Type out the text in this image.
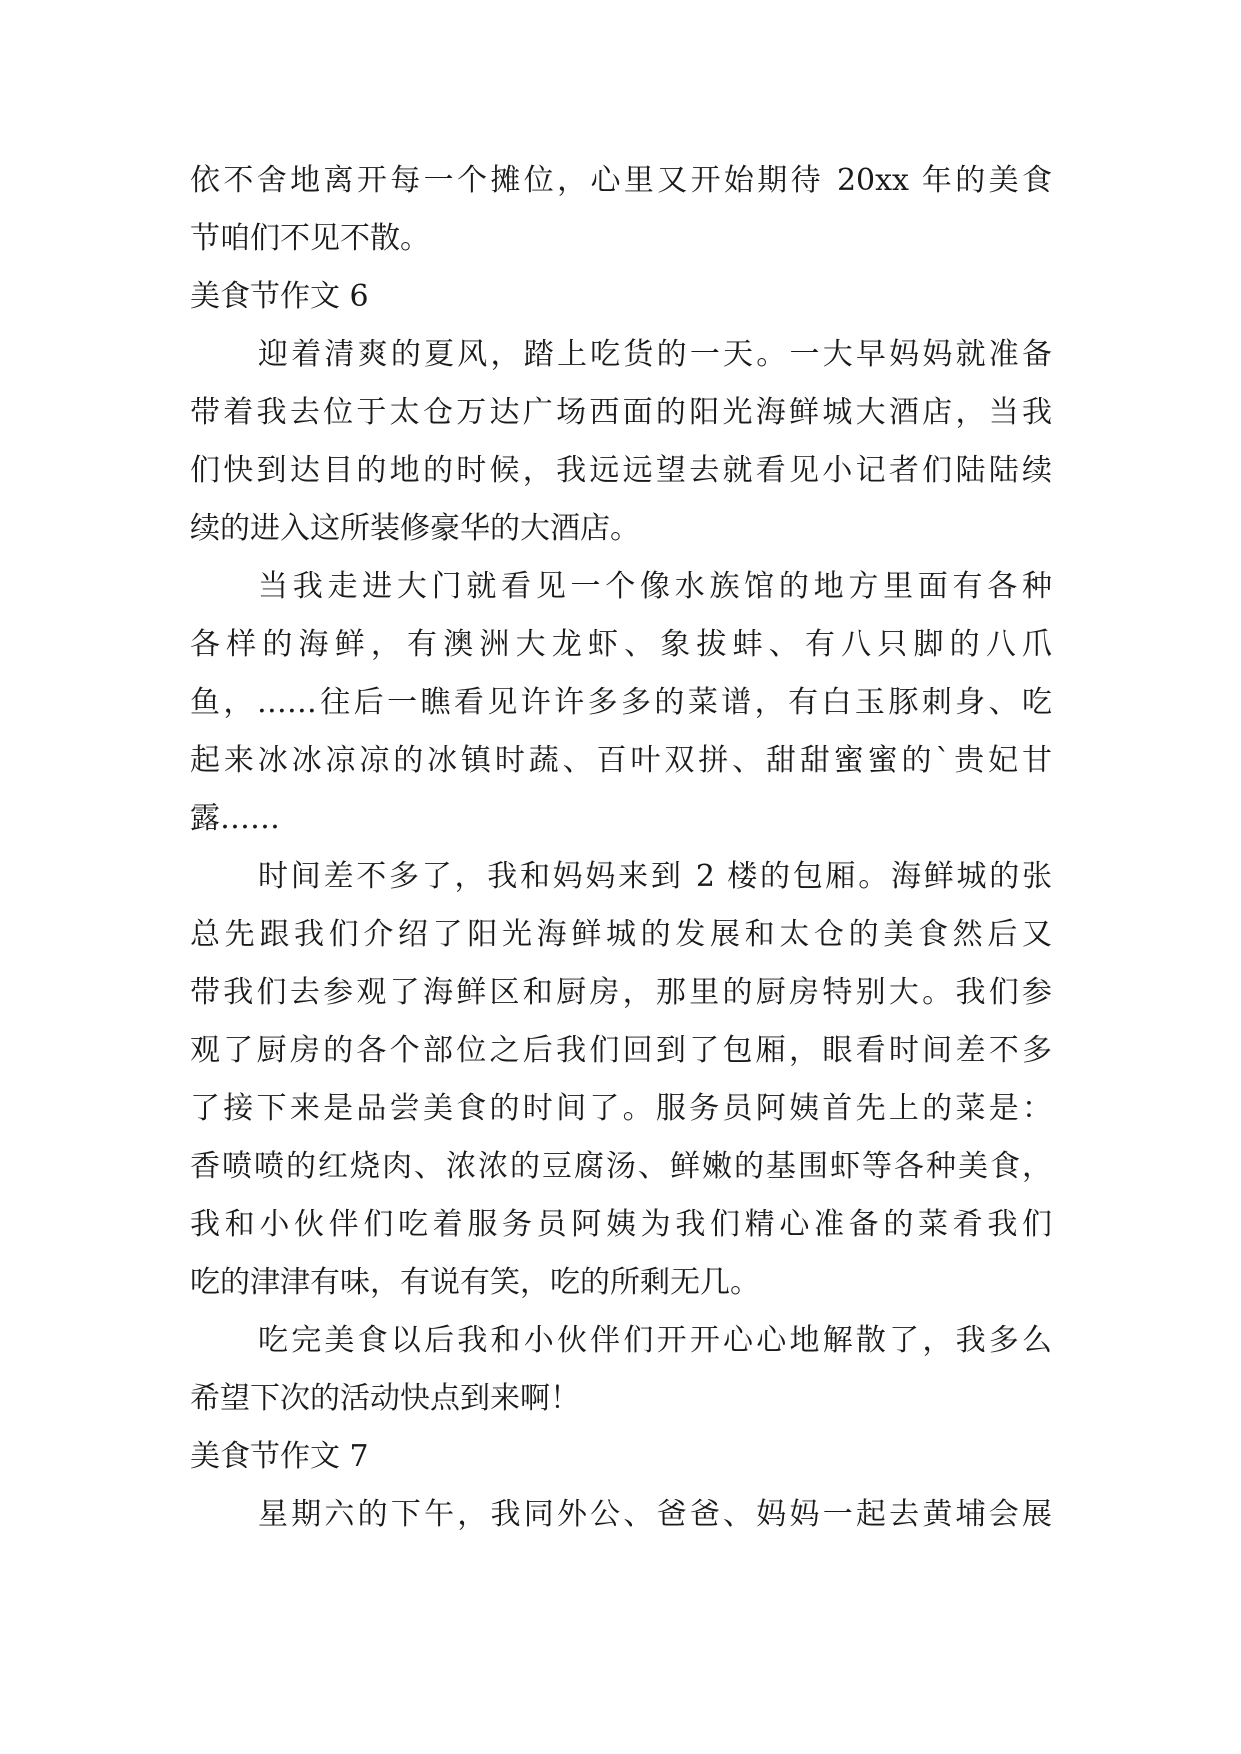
依不舍地离开每一个摊位，心里又开始期待 20xx 年的美食
节咱们不见不散。
美食节作文 6
迎着清爽的夏风，踏上吃货的一天。一大早妈妈就准备
带着我去位于太仓万达广场西面的阳光海鲜城大酒店，当我
们快到达目的地的时候，我远远望去就看见小记者们陆陆续
续的进入这所装修豪华的大酒店。
当我走进大门就看见一个像水族馆的地方里面有各种
各样的海鲜，有澳洲大龙虾、象拔蚌、有八只脚的八爪
鱼，……往后一瞧看见许许多多的菜谱，有白玉豚刺身、吃
起来冰冰凉凉的冰镇时蔬、百叶双拼、甜甜蜜蜜的`贵妃甘
露……
时间差不多了，我和妈妈来到 2 楼的包厢。海鲜城的张
总先跟我们介绍了阳光海鲜城的发展和太仓的美食然后又
带我们去参观了海鲜区和厨房，那里的厨房特别大。我们参
观了厨房的各个部位之后我们回到了包厢，眼看时间差不多
了接下来是品尝美食的时间了。服务员阿姨首先上的菜是：
香喷喷的红烧肉、浓浓的豆腐汤、鲜嫩的基围虾等各种美食，
我和小伙伴们吃着服务员阿姨为我们精心准备的菜肴我们
吃的津津有味，有说有笑，吃的所剩无几。
吃完美食以后我和小伙伴们开开心心地解散了，我多么
希望下次的活动快点到来啊！
美食节作文 7
星期六的下午，我同外公、爸爸、妈妈一起去黄埔会展
